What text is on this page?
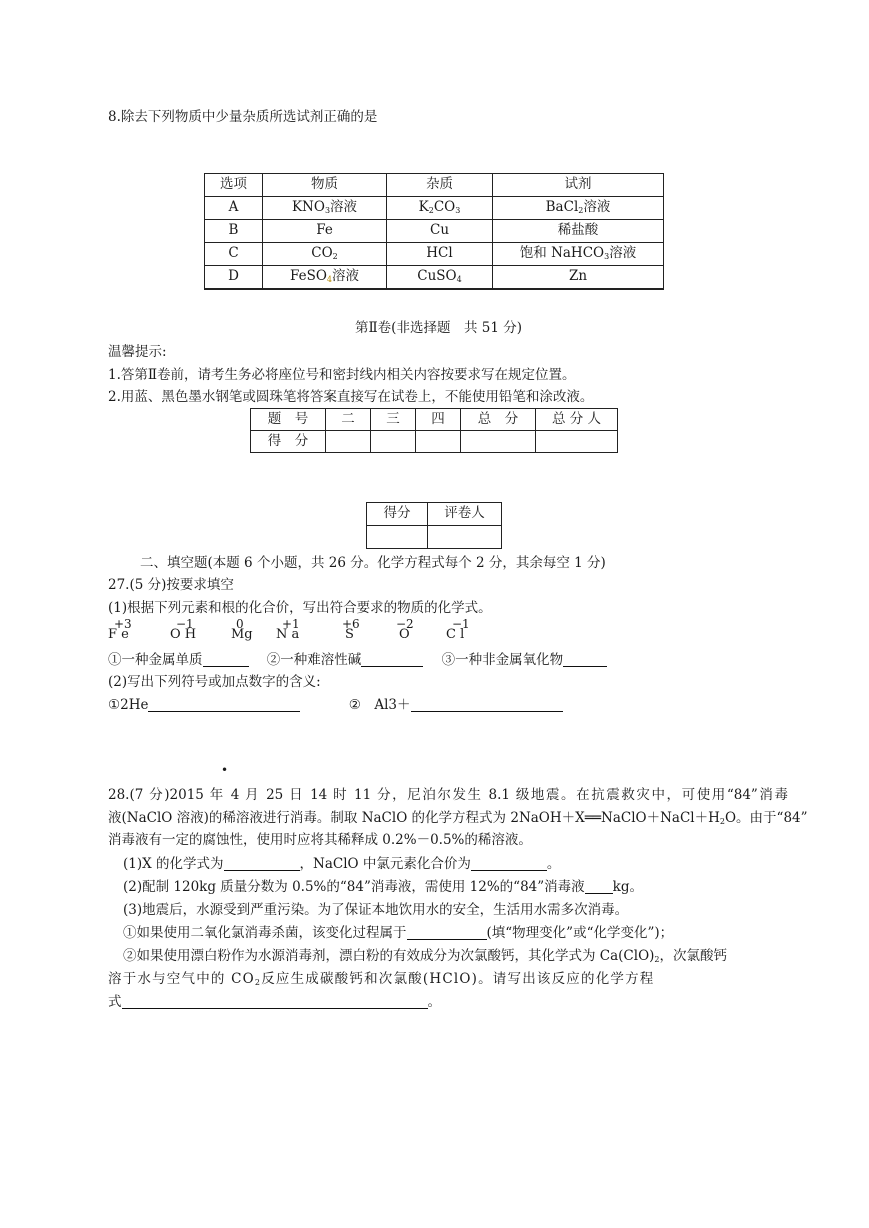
8.除去下列物质中少量杂质所选试剂正确的是
选项	物质	杂质	试剂
A	$KNO_3$溶液	$K_2CO_3$	BaCl$_2$溶液
B	Fe	Cu	稀盐酸
C	$CO_2$	HCl	饱和 NaHCO$_3$溶液
D	FeSO$_4$溶液	CuSO$_4$	Zn
第Ⅱ卷(非选择题　共 51 分)
温馨提示:
1.答第Ⅱ卷前，请考生务必将座位号和密封线内相关内容按要求写在规定位置。
2.用蓝、黑色墨水钢笔或圆珠笔将答案直接写在试卷上，不能使用铅笔和涂改液。
题　号	二	三	四	总　分	总 分 人
得　分					
得分	评卷人

二、填空题(本题 6 个小题，共 26 分。化学方程式每个 2 分，其余每空 1 分)
27.(5 分)按要求填空
(1)根据下列元素和根的化合价，写出符合要求的物质的化学式。
F e
+3
O H
−1
Mg
0
N a
+1
S
+6
O
−2
C l
−1
①一种金属单质	②一种难溶性碱	③一种非金属氧化物
(2)写出下列符号或加点数字的含义:
①2He	②　Al3＋
•
28.(7 分)2015 年 4 月 25 日 14 时 11 分，尼泊尔发生 8.1 级地震。在抗震救灾中，可使用“84”消毒
液(NaClO 溶液)的稀溶液进行消毒。制取 NaClO 的化学方程式为 $2NaOH+X══NaClO+NaCl+H_2O$。由于“84”
消毒液有一定的腐蚀性，使用时应将其稀释成 0.2%－0.5%的稀溶液。
(1)X 的化学式为	，NaClO 中氯元素化合价为	。
(2)配制 120kg 质量分数为 0.5%的“84”消毒液，需使用 12%的“84”消毒液 kg。
(3)地震后，水源受到严重污染。为了保证本地饮用水的安全，生活用水需多次消毒。
①如果使用二氧化氯消毒杀菌，该变化过程属于	(填“物理变化”或“化学变化”)；
②如果使用漂白粉作为水源消毒剂，漂白粉的有效成分为次氯酸钙，其化学式为 $Ca(ClO)_2$，次氯酸钙
溶于水与空气中的 $CO_2$反应生成碳酸钙和次氯酸(HClO)。请写出该反应的化学方程
式	。
